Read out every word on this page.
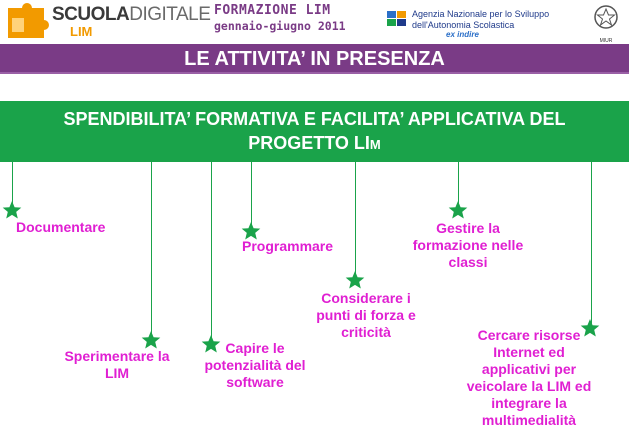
SCUOLADIGITALE
LIM
FORMAZIONE LIM
gennaio-giugno 2011
Agenzia Nazionale per lo Sviluppo
dell'Autonomia Scolastica
ex indire
MIUR
LE ATTIVITA’ IN PRESENZA
SPENDIBILITA’ FORMATIVA E FACILITA’ APPLICATIVA DEL
PROGETTO LIM
Documentare
Sperimentare la LIM
Capire le potenzialità del software
Programmare
Considerare i punti di forza e criticità
Gestire la formazione nelle classi
Cercare risorse Internet ed applicativi per veicolare la LIM ed integrare la multimedialità
